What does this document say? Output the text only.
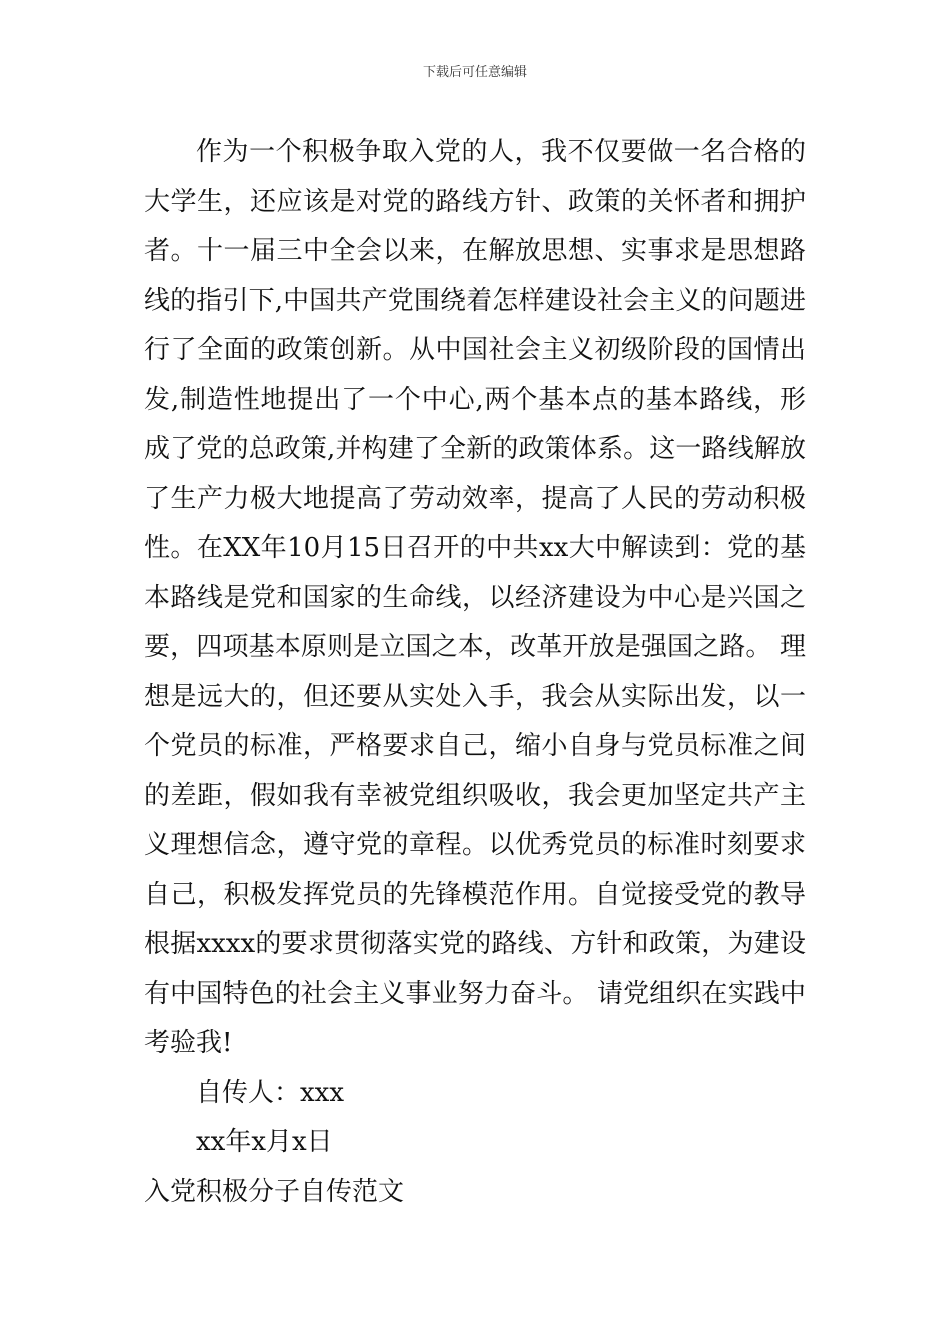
下载后可任意编辑

作为一个积极争取入党的人，我不仅要做一名合格的大学生，还应该是对党的路线方针、政策的关怀者和拥护者。十一届三中全会以来，在解放思想、实事求是思想路线的指引下,中国共产党围绕着怎样建设社会主义的问题进行了全面的政策创新。从中国社会主义初级阶段的国情出发,制造性地提出了一个中心,两个基本点的基本路线，形成了党的总政策,并构建了全新的政策体系。这一路线解放了生产力极大地提高了劳动效率，提高了人民的劳动积极性。在XX年10月15日召开的中共xx大中解读到：党的基本路线是党和国家的生命线，以经济建设为中心是兴国之要，四项基本原则是立国之本，改革开放是强国之路。 理想是远大的，但还要从实处入手，我会从实际出发，以一个党员的标准，严格要求自己，缩小自身与党员标准之间的差距，假如我有幸被党组织吸收，我会更加坚定共产主义理想信念，遵守党的章程。以优秀党员的标准时刻要求自己，积极发挥党员的先锋模范作用。自觉接受党的教导根据xxxx的要求贯彻落实党的路线、方针和政策，为建设有中国特色的社会主义事业努力奋斗。 请党组织在实践中考验我!

自传人：xxx

xx年x月x日

入党积极分子自传范文
